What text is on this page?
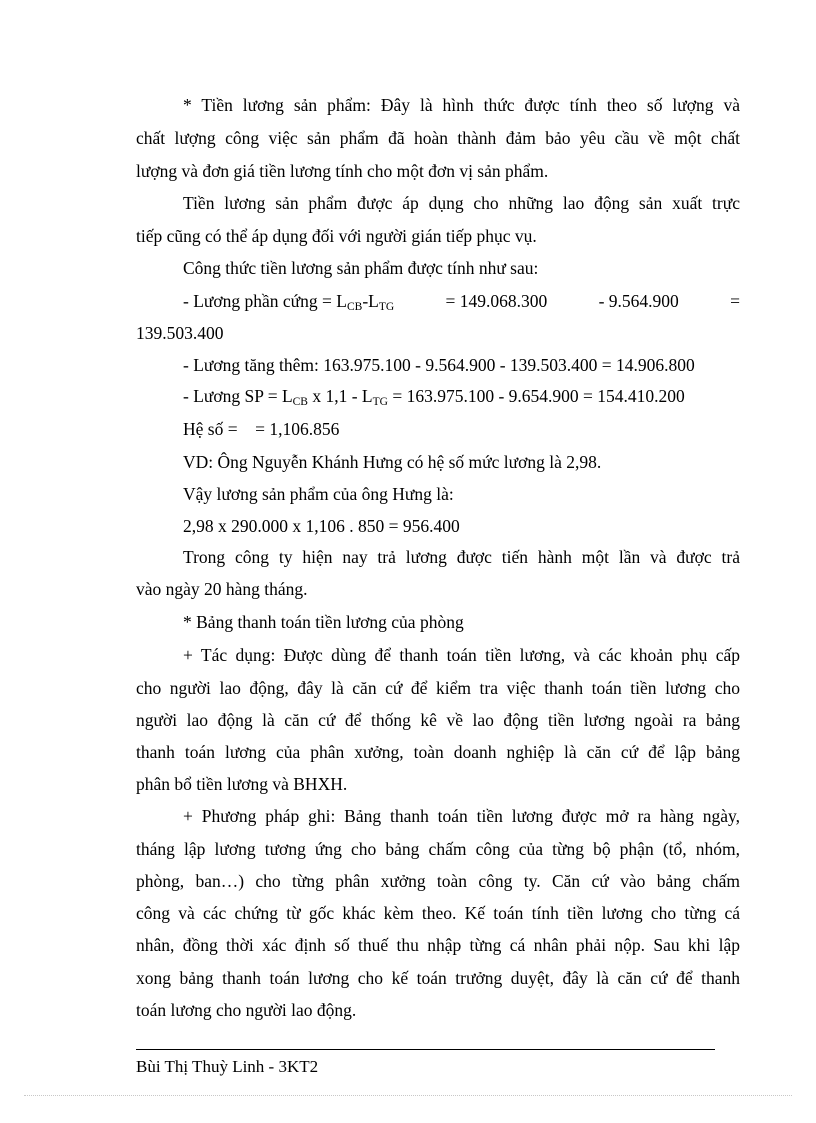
* Tiền lương sản phẩm: Đây là hình thức được tính theo số lượng và
chất lượng công việc sản phẩm đã hoàn thành đảm bảo yêu cầu về một chất
lượng và đơn giá tiền lương tính cho một đơn vị sản phẩm.
Tiền lương sản phẩm được áp dụng cho những lao động sản xuất trực
tiếp cũng có thể áp dụng đối với người gián tiếp phục vụ.
Công thức tiền lương sản phẩm được tính như sau:
- Lương phần cứng = $L_{CB}-L_{TG}$	= 149.068.300	- 9.564.900	=
139.503.400
- Lương tăng thêm: 163.975.100 - 9.564.900 - 139.503.400 = 14.906.800
- Lương SP = $L_{CB}$ x $1,1 - L_{TG} = 163.975.100 - 9.654.900 = 154.410.200$
Hệ số =    = 1,106.856
VD: Ông Nguyễn Khánh Hưng có hệ số mức lương là 2,98.
Vậy lương sản phẩm của ông Hưng là:
2,98 x 290.000 x 1,106 . 850 = 956.400
Trong công ty hiện nay trả lương được tiến hành một lần và được trả
vào ngày 20 hàng tháng.
* Bảng thanh toán tiền lương của phòng
+ Tác dụng: Được dùng để thanh toán tiền lương, và các khoản phụ cấp
cho người lao động, đây là căn cứ để kiểm tra việc thanh toán tiền lương cho
người lao động là căn cứ để thống kê về lao động tiền lương ngoài ra bảng
thanh toán lương của phân xưởng, toàn doanh nghiệp là căn cứ để lập bảng
phân bổ tiền lương và BHXH.
+ Phương pháp ghi: Bảng thanh toán tiền lương được mở ra hàng ngày,
tháng lập lương tương ứng cho bảng chấm công của từng bộ phận (tổ, nhóm,
phòng, ban…) cho từng phân xưởng toàn công ty. Căn cứ vào bảng chấm
công và các chứng từ gốc khác kèm theo. Kế toán tính tiền lương cho từng cá
nhân, đồng thời xác định số thuế thu nhập từng cá nhân phải nộp. Sau khi lập
xong bảng thanh toán lương cho kế toán trưởng duyệt, đây là căn cứ để thanh
toán lương cho người lao động.
Bùi Thị Thuỳ Linh - 3KT2
